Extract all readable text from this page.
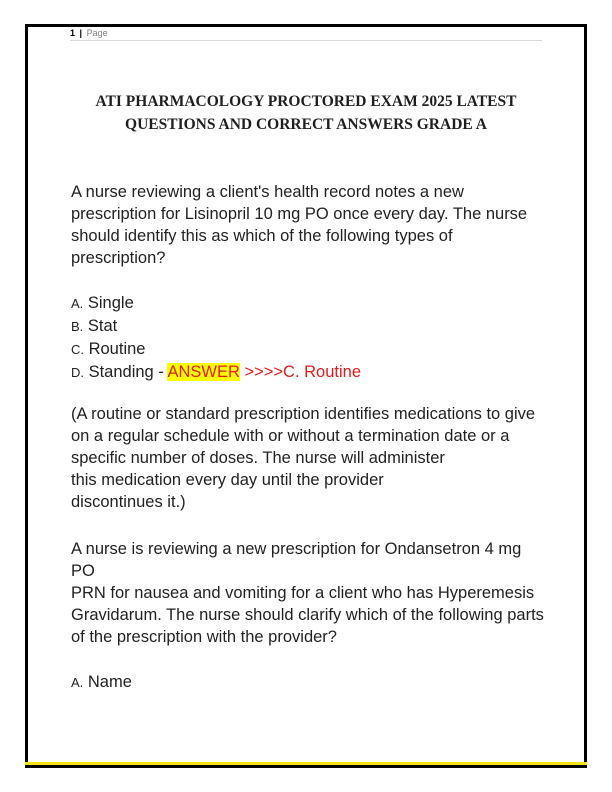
1 | Page
ATI PHARMACOLOGY PROCTORED EXAM 2025 LATEST
QUESTIONS AND CORRECT ANSWERS GRADE A

A nurse reviewing a client's health record notes a new prescription for Lisinopril 10 mg PO once every day. The nurse should identify this as which of the following types of prescription?

A. Single
B. Stat
C. Routine
D. Standing - ANSWER >>>>C. Routine

(A routine or standard prescription identifies medications to give on a regular schedule with or without a termination date or a specific number of doses. The nurse will administer

this medication every day until the provider

discontinues it.)

A nurse is reviewing a new prescription for Ondansetron 4 mg PO

PRN for nausea and vomiting for a client who has Hyperemesis Gravidarum. The nurse should clarify which of the following parts of the prescription with the provider?

A. Name
